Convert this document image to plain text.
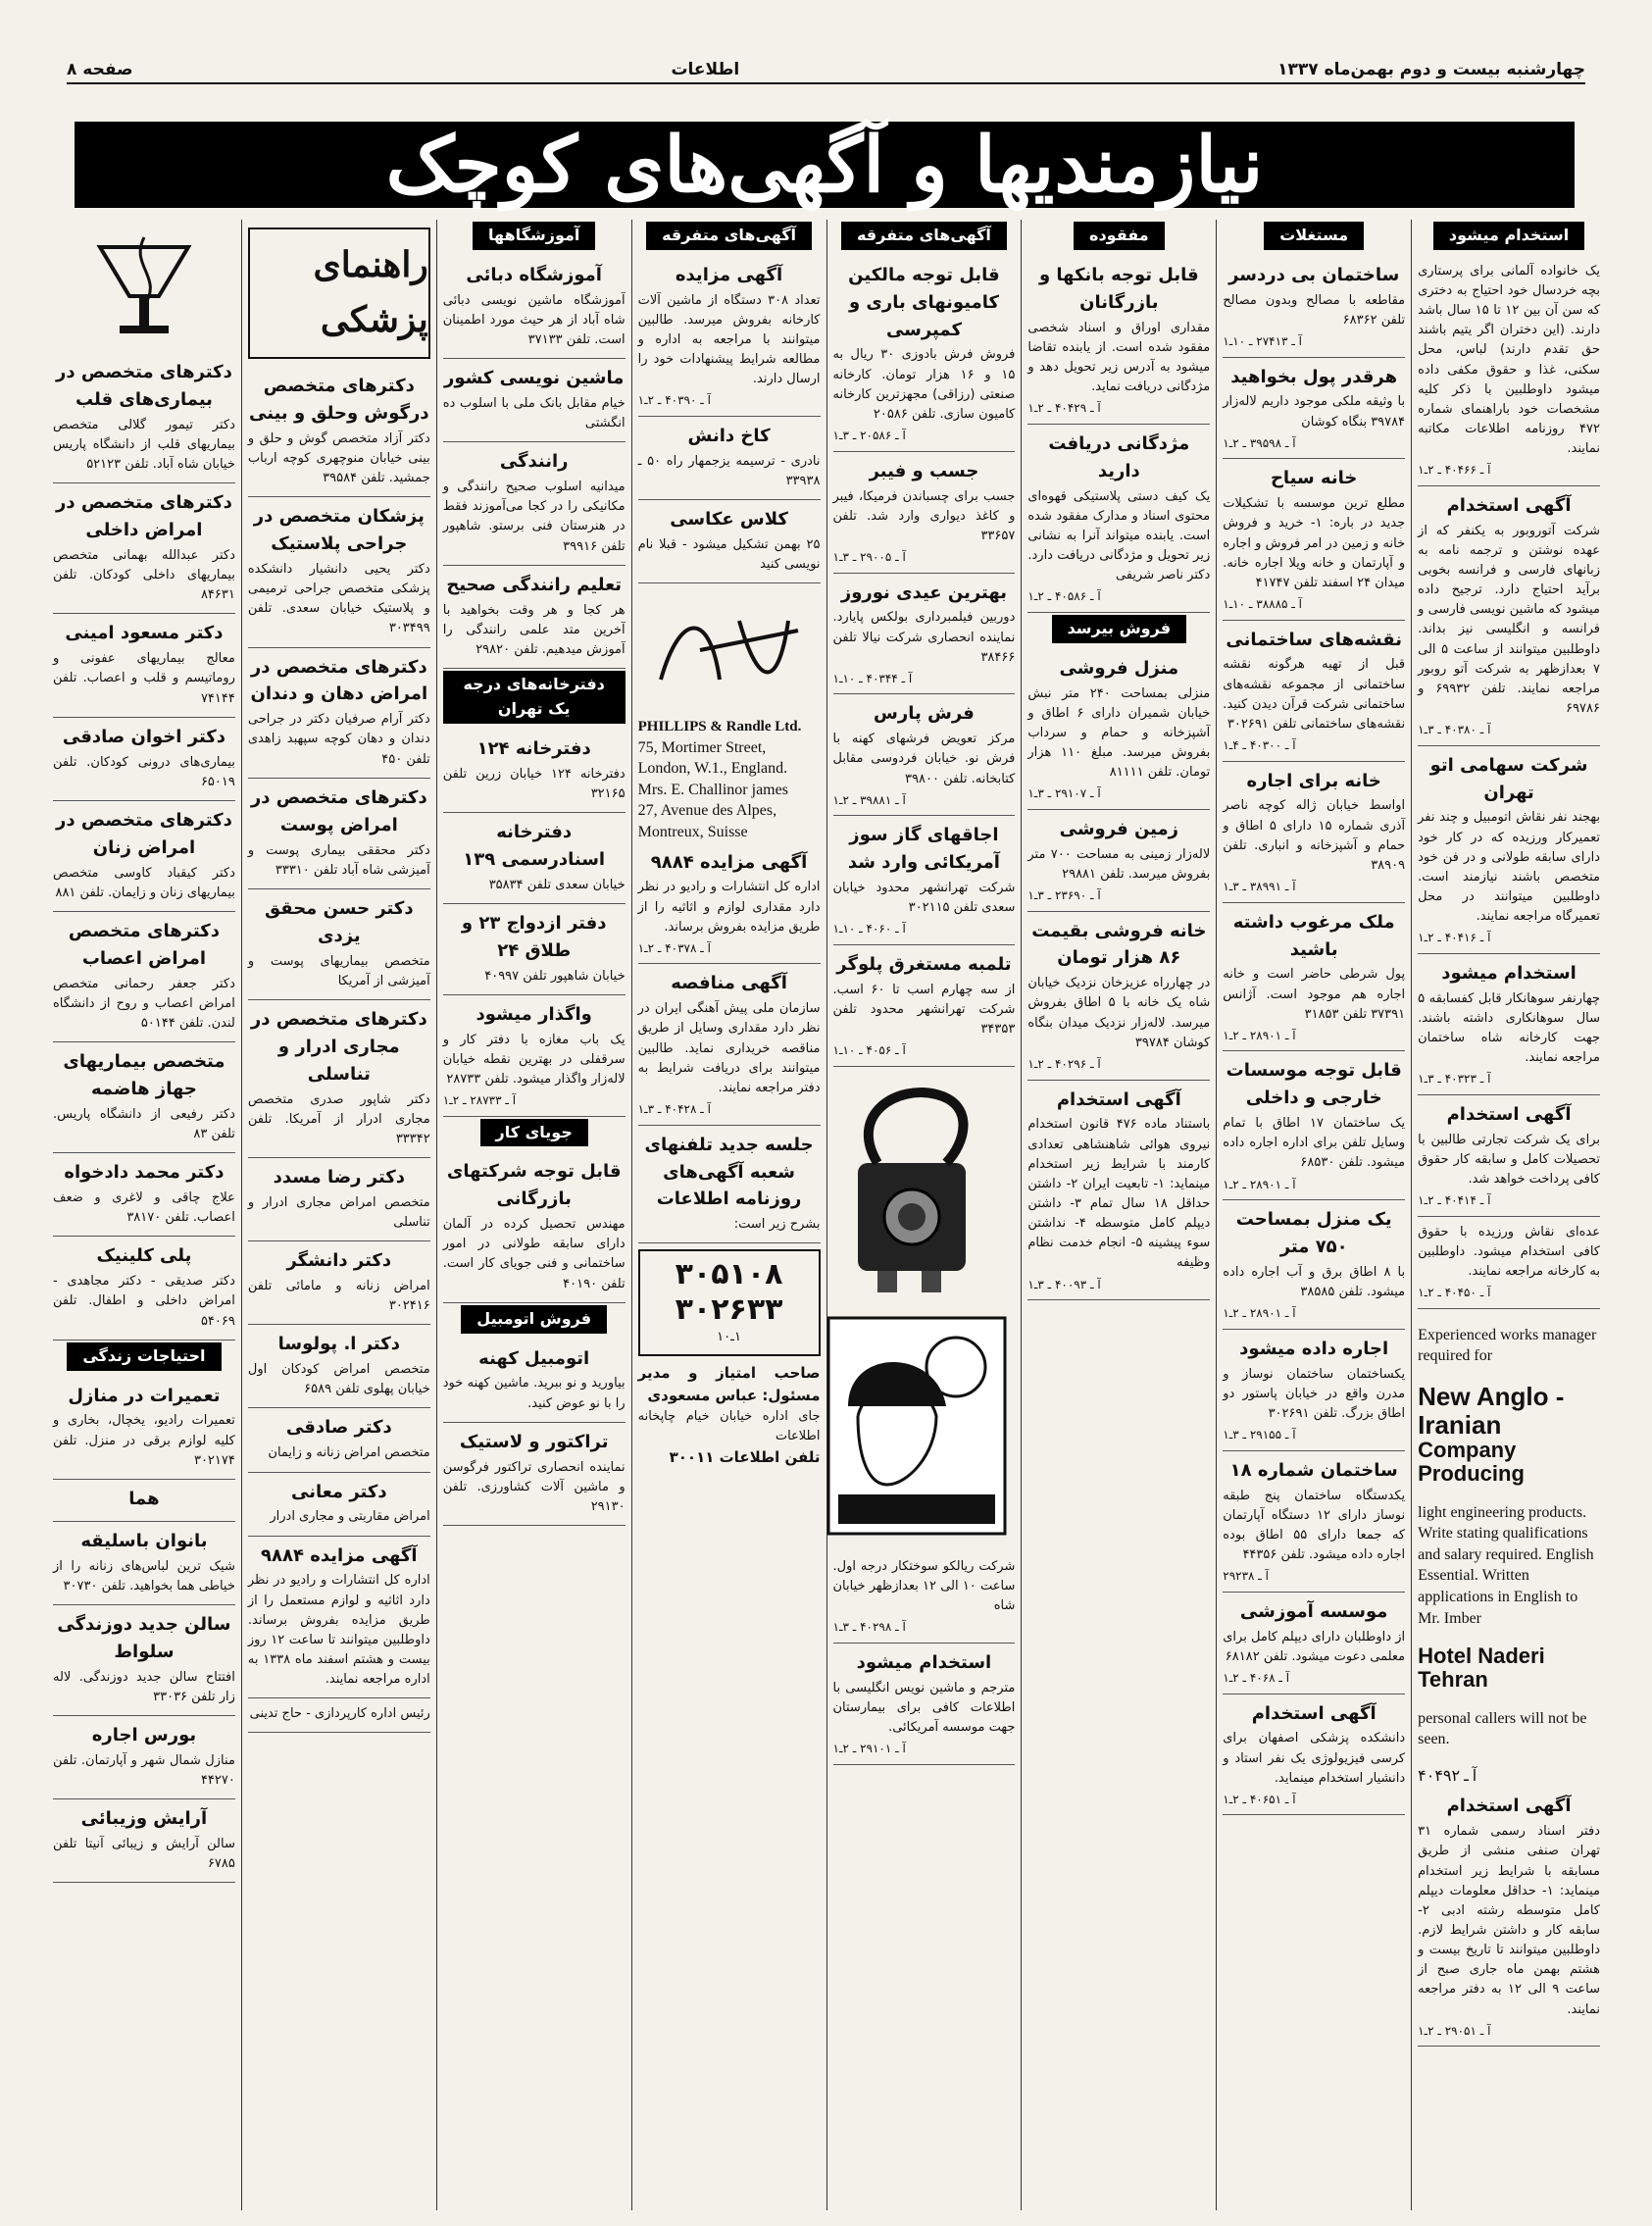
چهارشنبه بیست و دوم بهمن‌ماه ۱۳۳۷
اطلاعات
صفحه ۸
نیازمندیها و آگهی‌های کوچک
استخدام میشود

یک خانواده آلمانی برای پرستاری بچه خردسال خود احتیاج به دختری که سن آن بین ۱۲ تا ۱۵ سال باشد دارند. (این دختران اگر یتیم باشند حق تقدم دارند) لباس، محل سکنی، غذا و حقوق مکفی داده میشود داوطلبین با ذکر کلیه مشخصات خود باراهنمای شماره ۴۷۲ روزنامه اطلاعات مکاتبه نمایند.

آ ـ ۴۰۴۶۶ ـ ۲ـ۱
آگهی استخدام

شرکت آتوروبور به یکنفر که از عهده نوشتن و ترجمه نامه به زبانهای فارسی و فرانسه بخوبی برآید احتیاج دارد. ترجیح داده میشود که ماشین نویسی فارسی و فرانسه و انگلیسی نیز بداند. داوطلبین میتوانند از ساعت ۵ الی ۷ بعدازظهر به شرکت آتو روبور مراجعه نمایند. تلفن ۶۹۹۳۲ و ۶۹۷۸۶

آ ـ ۴۰۳۸۰ ـ ۳ـ۱
شرکت سهامی اتو تهران

بهجند نفر نقاش اتومبیل و چند نفر تعمیرکار ورزیده که در کار خود دارای سابقه طولانی و در فن خود متخصص باشند نیازمند است. داوطلبین میتوانند در محل تعمیرگاه مراجعه نمایند.

آ ـ ۴۰۴۱۶ ـ ۲ـ۱
استخدام میشود

چهارنفر سوهانکار قابل کفسابقه ۵ سال سوهانکاری داشته باشند. جهت کارخانه شاه ساختمان مراجعه نمایند.

آ ـ ۴۰۳۲۳ ـ ۳ـ۱
آگهی استخدام

برای یک شرکت تجارتی طالبین با تحصیلات کامل و سابقه کار حقوق کافی پرداخت خواهد شد.

آ ـ ۴۰۴۱۴ ـ ۲ـ۱

عده‌ای نقاش ورزیده با حقوق کافی استخدام میشود. داوطلبین به کارخانه مراجعه نمایند.

آ ـ ۴۰۴۵۰ ـ ۲ـ۱

Experienced works manager required for

New Anglo - Iranian
Company Producing

light engineering products. Write stating qualifications and salary required. English Essential. Written applications in English to Mr. Imber

Hotel Naderi Tehran

personal callers will not be seen.

آ ـ ۴۰۴۹۲
آگهی استخدام

دفتر اسناد رسمی شماره ۳۱ تهران صنفی منشی از طریق مسابقه با شرایط زیر استخدام مینماید: ۱- حداقل معلومات دیپلم کامل متوسطه رشته ادبی ۲- سابقه کار و داشتن شرایط لازم. داوطلبین میتوانند تا تاریخ بیست و هشتم بهمن ماه جاری صبح از ساعت ۹ الی ۱۲ به دفتر مراجعه نمایند.

آ ـ ۲۹۰۵۱ ـ ۲ـ۱
مستغلات
ساختمان بی دردسر

مقاطعه با مصالح وبدون مصالح تلفن ۶۸۳۶۲

آ ـ ۲۷۴۱۳ ـ ۱۰ـ۱
هرقدر پول بخواهید

با وثیقه ملکی موجود داریم لاله‌زار ۳۹۷۸۴ بنگاه کوشان

آ ـ ۳۹۵۹۸ ـ ۲ـ۱
خانه سیاح

مطلع ترین موسسه با تشکیلات جدید در باره: ۱- خرید و فروش خانه و زمین در امر فروش و اجاره و آپارتمان و خانه ویلا اجاره خانه. میدان ۲۴ اسفند تلفن ۴۱۷۴۷

آ ـ ۳۸۸۸۵ ـ ۱۰ـ۱
نقشه‌های ساختمانی

قبل از تهیه هرگونه نقشه ساختمانی از مجموعه نقشه‌های ساختمانی شرکت قرآن دیدن کنید. نقشه‌های ساختمانی تلفن ۳۰۲۶۹۱

آ ـ ۴۰۳۰۰ ـ ۴ـ۱
خانه برای اجاره

اواسط خیابان ژاله کوچه ناصر آذری شماره ۱۵ دارای ۵ اطاق و حمام و آشپزخانه و انباری. تلفن ۳۸۹۰۹

آ ـ ۳۸۹۹۱ ـ ۳ـ۱
ملک مرغوب داشته باشید

پول شرطی حاضر است و خانه اجاره هم موجود است. آژانس ۳۷۳۹۱ تلفن ۳۱۸۵۳

آ ـ ۲۸۹۰۱ ـ ۲ـ۱
قابل توجه موسسات خارجی و داخلی

یک ساختمان ۱۷ اطاق با تمام وسایل تلفن برای اداره اجاره داده میشود. تلفن ۶۸۵۳۰

آ ـ ۲۸۹۰۱ ـ ۲ـ۱
یک منزل بمساحت ۷۵۰ متر

با ۸ اطاق برق و آب اجاره داده میشود. تلفن ۳۸۵۸۵

آ ـ ۲۸۹۰۱ ـ ۲ـ۱
اجاره داده میشود

یکساختمان ساختمان نوساز و مدرن واقع در خیابان پاستور دو اطاق بزرگ. تلفن ۳۰۲۶۹۱

آ ـ ۲۹۱۵۵ ـ ۳ـ۱
ساختمان شماره ۱۸

یکدستگاه ساختمان پنج طبقه نوساز دارای ۱۲ دستگاه آپارتمان که جمعا دارای ۵۵ اطاق بوده اجاره داده میشود. تلفن ۴۴۳۵۶

آ ـ ۲۹۲۳۸
موسسه آموزشی

از داوطلبان دارای دیپلم کامل برای معلمی دعوت میشود. تلفن ۶۸۱۸۲

آ ـ ۴۰۶۸ ـ ۲ـ۱
آگهی استخدام

دانشکده پزشکی اصفهان برای کرسی فیزیولوژی یک نفر استاد و دانشیار استخدام مینماید.

آ ـ ۴۰۶۵۱ ـ ۲ـ۱
مفقوده
قابل توجه بانکها و بازرگانان

مقداری اوراق و اسناد شخصی مفقود شده است. از یابنده تقاضا میشود به آدرس زیر تحویل دهد و مژدگانی دریافت نماید.

آ ـ ۴۰۴۲۹ ـ ۲ـ۱
مژدگانی دریافت دارید

یک کیف دستی پلاستیکی قهوه‌ای محتوی اسناد و مدارک مفقود شده است. یابنده میتواند آنرا به نشانی زیر تحویل و مژدگانی دریافت دارد. دکتر ناصر شریفی

آ ـ ۴۰۵۸۶ ـ ۲ـ۱
فروش بیرسد
منزل فروشی

منزلی بمساحت ۲۴۰ متر نبش خیابان شمیران دارای ۶ اطاق و آشپزخانه و حمام و سرداب بفروش میرسد. مبلغ ۱۱۰ هزار تومان. تلفن ۸۱۱۱۱

آ ـ ۲۹۱۰۷ ـ ۳ـ۱
زمین فروشی

لاله‌زار زمینی به مساحت ۷۰۰ متر بفروش میرسد. تلفن ۲۹۸۸۱

آ ـ ۲۳۶۹۰ ـ ۳ـ۱
خانه فروشی بقیمت ۸۶ هزار تومان

در چهارراه عزیزخان نزدیک خیابان شاه یک خانه با ۵ اطاق بفروش میرسد. لاله‌زار نزدیک میدان بنگاه کوشان ۳۹۷۸۴

آ ـ ۴۰۲۹۶ ـ ۲ـ۱
آگهی استخدام

باستناد ماده ۴۷۶ قانون استخدام نیروی هوائی شاهنشاهی تعدادی کارمند با شرایط زیر استخدام مینماید: ۱- تابعیت ایران ۲- داشتن حداقل ۱۸ سال تمام ۳- داشتن دیپلم کامل متوسطه ۴- نداشتن سوء پیشینه ۵- انجام خدمت نظام وظیفه

آ ـ ۴۰۰۹۳ ـ ۳ـ۱
آگهی‌های متفرقه
قابل توجه مالکین کامیونهای باری و کمپرسی

فروش فرش بادوزی ۳۰ ریال به ۱۵ و ۱۶ هزار تومان. کارخانه صنعتی (رزاقی) مجهزترین کارخانه کامیون سازی. تلفن ۲۰۵۸۶

آ ـ ۲۰۵۸۶ ـ ۳ـ۱
جسب و فیبر

جسب برای چسباندن فرمیکا، فیبر و کاغذ دیواری وارد شد. تلفن ۳۳۶۵۷

آ ـ ۲۹۰۰۵ ـ ۳ـ۱
بهترین عیدی نوروز

دوربین فیلمبرداری بولکس پایارد. نماینده انحصاری شرکت نیالا تلفن ۳۸۴۶۶

آ ـ ۴۰۳۴۴ ـ ۱۰ـ۱
فرش پارس

مرکز تعویض فرشهای کهنه با فرش نو. خیابان فردوسی مقابل کتابخانه. تلفن ۳۹۸۰۰

آ ـ ۳۹۸۸۱ ـ ۲ـ۱
اجاقهای گاز سوز آمریکائی وارد شد

شرکت تهرانشهر محدود خیابان سعدی تلفن ۳۰۲۱۱۵

آ ـ ۴۰۶۰ ـ ۱۰ـ۱
تلمبه مستغرق پلوگر

از سه چهارم اسب تا ۶۰ اسب. شرکت تهرانشهر محدود تلفن ۳۴۳۵۳

آ ـ ۴۰۵۶ ـ ۱۰ـ۱

شرکت ریالکو سوختکار درجه اول. ساعت ۱۰ الی ۱۲ بعدازظهر خیابان شاه

آ ـ ۴۰۲۹۸ ـ ۳ـ۱
استخدام میشود

مترجم و ماشین نویس انگلیسی با اطلاعات کافی برای بیمارستان جهت موسسه آمریکائی.

آ ـ ۲۹۱۰۱ ـ ۲ـ۱
آگهی‌های متفرقه
آگهی مزایده

تعداد ۳۰۸ دستگاه از ماشین آلات کارخانه بفروش میرسد. طالبین میتوانند با مراجعه به اداره و مطالعه شرایط پیشنهادات خود را ارسال دارند.

آ ـ ۴۰۳۹۰ ـ ۲ـ۱
کاخ دانش

نادری - ترسیمه یزجمهار راه ۵۰ ـ ۳۳۹۳۸

کلاس عکاسی

۲۵ بهمن تشکیل میشود - قبلا نام نویسی کنید

PHILLIPS & Randle Ltd.
75, Mortimer Street,
London, W.1., England.
Mrs. E. Challinor james
27, Avenue des Alpes,
Montreux, Suisse
آگهی مزایده ۹۸۸۴

اداره کل انتشارات و رادیو در نظر دارد مقداری لوازم و اثاثیه را از طریق مزایده بفروش برساند.

آ ـ ۴۰۳۷۸ ـ ۲ـ۱
آگهی منافصه

سازمان ملی پیش آهنگی ایران در نظر دارد مقداری وسایل از طریق مناقصه خریداری نماید. طالبین میتوانند برای دریافت شرایط به دفتر مراجعه نمایند.

آ ـ ۴۰۴۲۸ ـ ۳ـ۱
جلسه جدید تلفنهای شعبه آگهی‌های روزنامه اطلاعات

بشرح زیر است:

۳۰۵۱۰۸
۳۰۲۶۳۳
۱ـ۱۰
صاحب امتیاز و مدیر مسئول: عباس مسعودی
جای اداره خیابان خیام چاپخانه اطلاعات
تلفن اطلاعات ۳۰۰۱۱
آموزشگاهها
آموزشگاه دبائی

آموزشگاه ماشین نویسی دبائی شاه آباد از هر حیث مورد اطمینان است. تلفن ۳۷۱۳۳

ماشین نویسی کشور

خیام مقابل بانک ملی با اسلوب ده انگشتی

رانندگی

میدانیه اسلوب صحیح رانندگی و مکانیکی را در کجا می‌آموزند فقط در هنرستان فنی برستو. شاهپور تلفن ۳۹۹۱۶

تعلیم رانندگی صحیح

هر کجا و هر وقت بخواهید با آخرین متد علمی رانندگی را آموزش میدهیم. تلفن ۲۹۸۲۰

دفترخانه‌های درجه یک تهران
دفترخانه ۱۲۴

دفترخانه ۱۲۴ خیابان زرین تلفن ۳۲۱۶۵

دفترخانه اسنادرسمی ۱۳۹

خیابان سعدی تلفن ۳۵۸۳۴

دفتر ازدواج ۲۳ و طلاق ۲۴

خیابان شاهپور تلفن ۴۰۹۹۷

واگذار میشود

یک باب مغازه با دفتر کار و سرقفلی در بهترین نقطه خیابان لاله‌زار واگذار میشود. تلفن ۲۸۷۳۳

آ ـ ۲۸۷۳۳ ـ ۲ـ۱
جویای کار
قابل توجه شرکتهای بازرگانی

مهندس تحصیل کرده در آلمان دارای سابقه طولانی در امور ساختمانی و فنی جویای کار است. تلفن ۴۰۱۹۰

فروش اتومبیل
اتومبیل کهنه

بیاورید و نو ببرید. ماشین کهنه خود را با نو عوض کنید.

تراکتور و لاستیک

نماینده انحصاری تراکتور فرگوسن و ماشین آلات کشاورزی. تلفن ۲۹۱۳۰

راهنمای پزشکی
دکترهای متخصص درگوش وحلق و بینی

دکتر آزاد متخصص گوش و حلق و بینی خیابان منوچهری کوچه ارباب جمشید. تلفن ۳۹۵۸۴

پزشکان متخصص در جراحی پلاستیک

دکتر یحیی دانشیار دانشکده پزشکی متخصص جراحی ترمیمی و پلاستیک خیابان سعدی. تلفن ۳۰۳۴۹۹

دکترهای متخصص در امراض دهان و دندان

دکتر آرام صرفیان دکتر در جراحی دندان و دهان کوچه سپهبد زاهدی تلفن ۴۵۰

دکترهای متخصص در امراض پوست

دکتر محققی بیماری پوست و آمیزشی شاه آباد تلفن ۳۳۳۱۰

دکتر حسن محقق یزدی

متخصص بیماریهای پوست و آمیزشی از آمریکا

دکترهای متخصص در مجاری ادرار و تناسلی

دکتر شاپور صدری متخصص مجاری ادرار از آمریکا. تلفن ۳۳۳۴۲

دکتر رضا مسدد

متخصص امراض مجاری ادرار و تناسلی

دکتر دانشگر

امراض زنانه و مامائی تلفن ۳۰۲۴۱۶

دکتر ا. پولوسا

متخصص امراض کودکان اول خیابان پهلوی تلفن ۶۵۸۹

دکتر صادقی

متخصص امراض زنانه و زایمان

دکتر معانی

امراض مقاربتی و مجاری ادرار

آگهی مزایده ۹۸۸۴

اداره کل انتشارات و رادیو در نظر دارد اثاثیه و لوازم مستعمل را از طریق مزایده بفروش برساند. داوطلبین میتوانند تا ساعت ۱۲ روز بیست و هشتم اسفند ماه ۱۳۳۸ به اداره مراجعه نمایند.

رئیس اداره کارپردازی - حاج تدینی

دکترهای متخصص در بیماری‌های قلب

دکتر تیمور گلالی متخصص بیماریهای قلب از دانشگاه پاریس خیابان شاه آباد. تلفن ۵۲۱۲۳

دکترهای متخصص در امراض داخلی

دکتر عبدالله بهمانی متخصص بیماریهای داخلی کودکان. تلفن ۸۴۶۳۱

دکتر مسعود امینی

معالج بیماریهای عفونی و روماتیسم و قلب و اعصاب. تلفن ۷۴۱۴۴

دکتر اخوان صادقی

بیماری‌های درونی کودکان. تلفن ۶۵۰۱۹

دکترهای متخصص در امراض زنان

دکتر کیقباد کاوسی متخصص بیماریهای زنان و زایمان. تلفن ۸۸۱

دکترهای متخصص امراض اعصاب

دکتر جعفر رحمانی متخصص امراض اعصاب و روح از دانشگاه لندن. تلفن ۵۰۱۴۴

متخصص بیماریهای جهاز هاضمه

دکتر رفیعی از دانشگاه پاریس. تلفن ۸۳

دکتر محمد دادخواه

علاج چاقی و لاغری و ضعف اعصاب. تلفن ۳۸۱۷۰

پلی کلینیک

دکتر صدیقی - دکتر مجاهدی - امراض داخلی و اطفال. تلفن ۵۴۰۶۹

احتیاجات زندگی
تعمیرات در منازل

تعمیرات رادیو، یخچال، بخاری و کلیه لوازم برقی در منزل. تلفن ۳۰۲۱۷۴

هما
بانوان باسلیقه

شیک ترین لباس‌های زنانه را از خیاطی هما بخواهید. تلفن ۳۰۷۳۰

سالن جدید دوزندگی سلواط

افتتاح سالن جدید دوزندگی. لاله زار تلفن ۳۳۰۳۶

بورس اجاره

منازل شمال شهر و آپارتمان. تلفن ۴۴۲۷۰

آرایش وزیبائی

سالن آرایش و زیبائی آنیتا تلفن ۶۷۸۵
